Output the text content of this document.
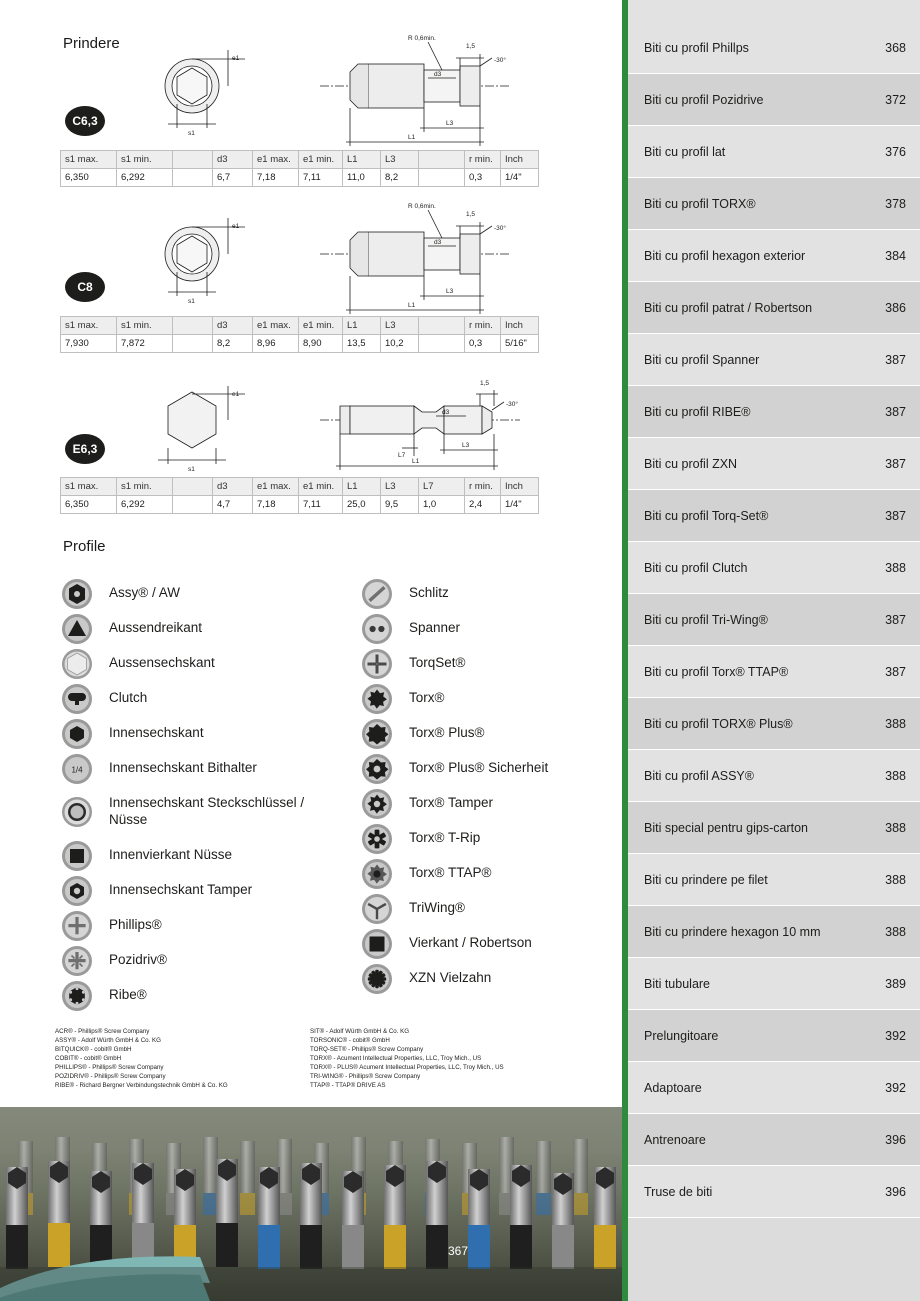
Prindere
C6,3
e1
s1
-30°
R 0,6min.
1,5
d3
L3
L1
s1 max.	s1 min.		d3	e1 max.	e1 min.	L1	L3		r min.	Inch
6,350	6,292		6,7	7,18	7,11	11,0	8,2		0,3	1/4"
C8
e1
s1
-30°
R 0,6min.
1,5
d3
L3
L1
s1 max.	s1 min.		d3	e1 max.	e1 min.	L1	L3		r min.	Inch
7,930	7,872		8,2	8,96	8,90	13,5	10,2		0,3	5/16"
E6,3
e1
s1
-30°
1,5
d3
L3
L7
L1
s1 max.	s1 min.		d3	e1 max.	e1 min.	L1	L3	L7	r min.	Inch
6,350	6,292		4,7	7,18	7,11	25,0	9,5	1,0	2,4	1/4"
Profile
Assy® / AW
Aussendreikant
Aussensechskant
Clutch
Innensechskant
1/4 Innensechskant Bithalter
Innensechskant Steckschlüssel / Nüsse
Innenvierkant Nüsse
Innensechskant Tamper
Phillips®
Pozidriv®
Ribe®
Schlitz
Spanner
TorqSet®
Torx®
Torx® Plus®
Torx® Plus® Sicherheit
Torx® Tamper
Torx® T-Rip
Torx® TTAP®
TriWing®
Vierkant / Robertson
XZN Vielzahn
ACR® - Phillips® Screw Company
ASSY® - Adolf Würth GmbH & Co. KG
BITQUICK® - cobit® GmbH
COBIT® - cobit® GmbH
PHILLIPS® - Phillips® Screw Company
POZIDRIV® - Phillips® Screw Company
RIBE® - Richard Bergner Verbindungstechnik GmbH & Co. KG
SIT® - Adolf Würth GmbH & Co. KG
TORSONIC® - cobit® GmbH
TORQ-SET® - Phillips® Screw Company
TORX® - Acument Intellectual Properties, LLC, Troy Mich., US
TORX® - PLUS® Acument Intellectual Properties, LLC, Troy Mich., US
TRI-WING® - Phillips® Screw Company
TTAP® - TTAP® DRIVE AS
367
Biti cu profil Phillps	368
Biti cu profil Pozidrive	372
Biti cu profil lat	376
Biti cu profil TORX®	378
Biti cu profil hexagon exterior	384
Biti cu profil patrat / Robertson	386
Biti cu profil Spanner	387
Biti cu profil RIBE®	387
Biti cu profil ZXN	387
Biti cu profil Torq-Set®	387
Biti cu profil Clutch	388
Biti cu profil Tri-Wing®	387
Biti cu profil Torx® TTAP®	387
Biti cu profil TORX® Plus®	388
Biti cu profil ASSY®	388
Biti special pentru gips-carton	388
Biti cu prindere pe filet	388
Biti cu prindere hexagon 10 mm	388
Biti tubulare	389
Prelungitoare	392
Adaptoare	392
Antrenoare	396
Truse de biti	396
